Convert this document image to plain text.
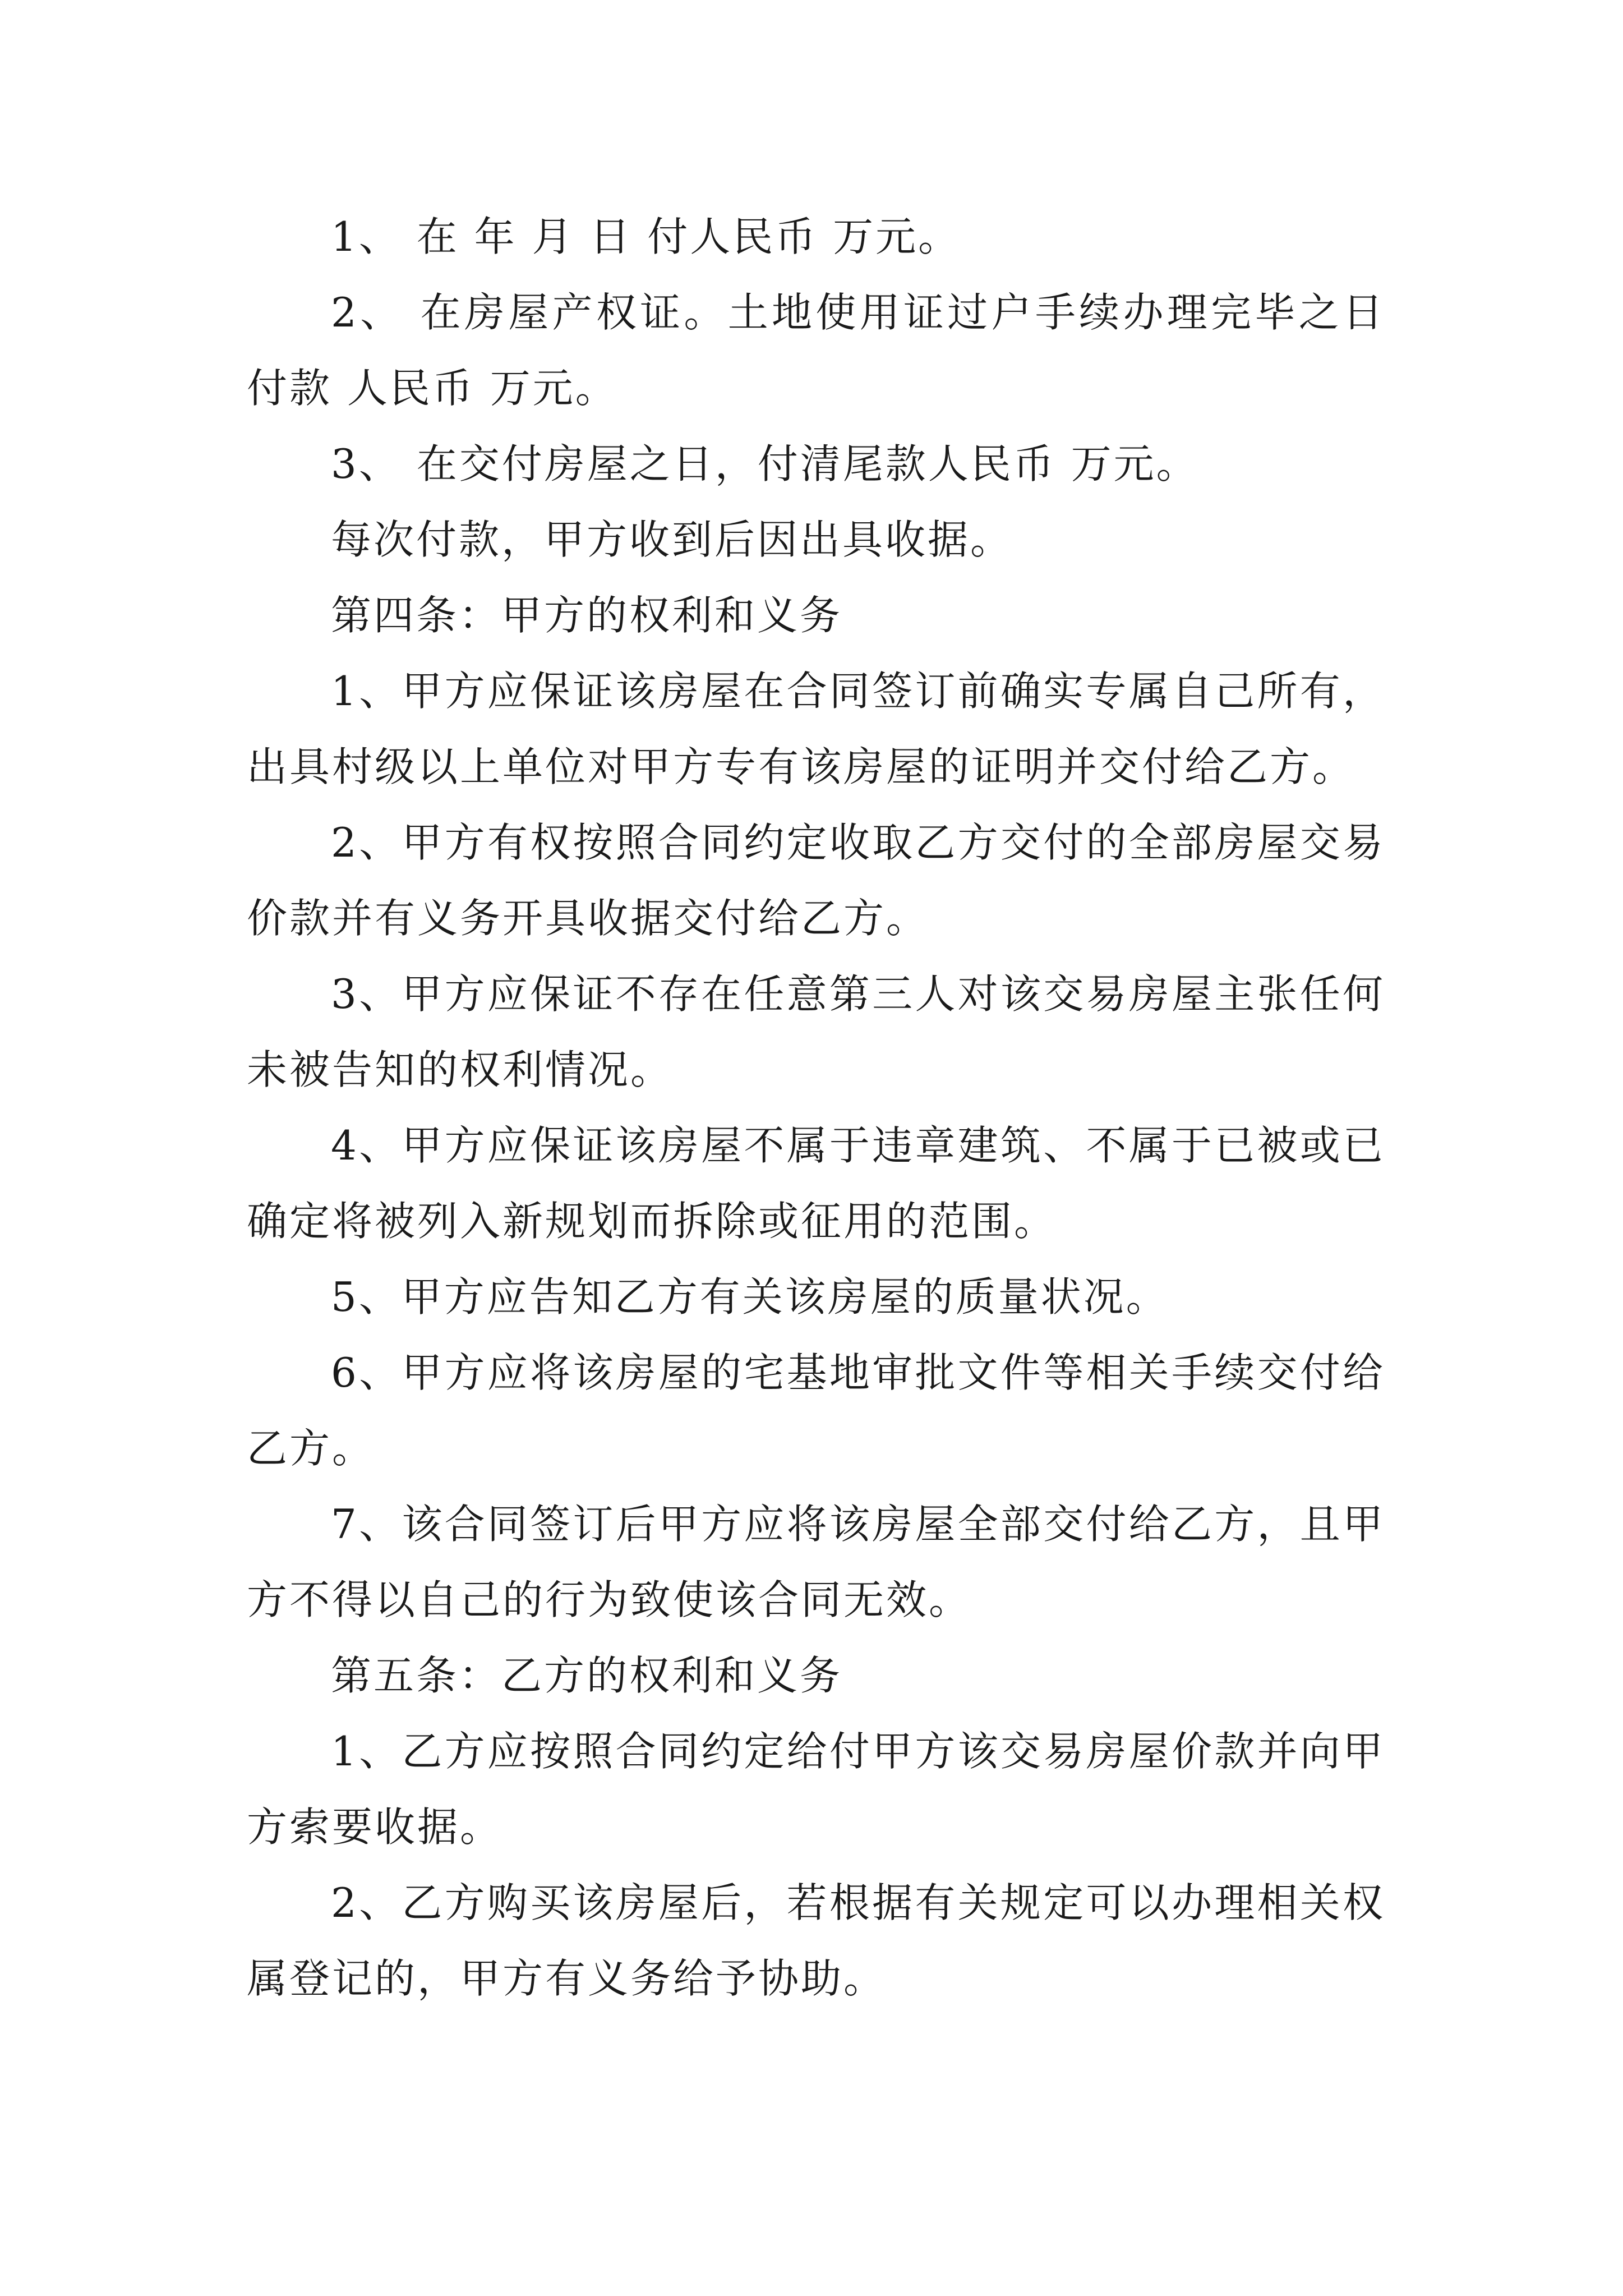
1、 在 年 月 日 付人民币 万元。

2、 在房屋产权证。土地使用证过户手续办理完毕之日付款 人民币 万元。

3、 在交付房屋之日，付清尾款人民币 万元。

每次付款，甲方收到后因出具收据。

第四条：甲方的权利和义务

1、甲方应保证该房屋在合同签订前确实专属自己所有，出具村级以上单位对甲方专有该房屋的证明并交付给乙方。

2、甲方有权按照合同约定收取乙方交付的全部房屋交易价款并有义务开具收据交付给乙方。

3、甲方应保证不存在任意第三人对该交易房屋主张任何未被告知的权利情况。

4、甲方应保证该房屋不属于违章建筑、不属于已被或已确定将被列入新规划而拆除或征用的范围。

5、甲方应告知乙方有关该房屋的质量状况。

6、甲方应将该房屋的宅基地审批文件等相关手续交付给乙方。

7、该合同签订后甲方应将该房屋全部交付给乙方，且甲方不得以自己的行为致使该合同无效。

第五条：乙方的权利和义务

1、乙方应按照合同约定给付甲方该交易房屋价款并向甲方索要收据。

2、乙方购买该房屋后，若根据有关规定可以办理相关权属登记的，甲方有义务给予协助。
